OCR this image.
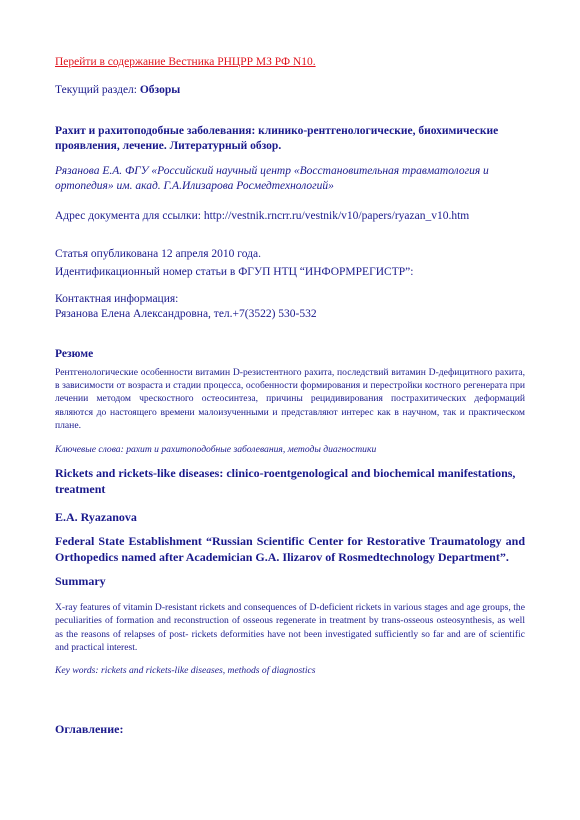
Перейти в содержание Вестника РНЦРР МЗ РФ N10.

Текущий раздел: Обзоры

Рахит и рахитоподобные заболевания: клинико-рентгенологические, биохимические проявления, лечение. Литературный обзор.

Рязанова Е.А. ФГУ «Российский научный центр «Восстановительная травматология и ортопедия» им. акад. Г.А.Илизарова Росмедтехнологий»

Адрес документа для ссылки: http://vestnik.rncrr.ru/vestnik/v10/papers/ryazan_v10.htm

Статья опубликована 12 апреля 2010 года.

Идентификационный номер статьи в ФГУП НТЦ “ИНФОРМРЕГИСТР”:

Контактная информация:

Рязанова Елена Александровна, тел.+7(3522) 530-532

Резюме

Рентгенологические особенности витамин D-резистентного рахита, последствий витамин D-дефицитного рахита, в зависимости от возраста и стадии процесса, особенности формирования и перестройки костного регенерата при лечении методом чрескостного остеосинтеза, причины рецидивирования пострахитических деформаций являются до настоящего времени малоизученными и представляют интерес как в научном, так и практическом плане.

Ключевые слова: рахит и рахитоподобные заболевания, методы диагностики

Rickets and rickets-like diseases: clinico-roentgenological and biochemical manifestations, treatment

E.A. Ryazanova

Federal State Establishment “Russian Scientific Center for Restorative Traumatology and Orthopedics named after Academician G.A. Ilizarov of Rosmedtechnology Department”.

Summary

X-ray features of vitamin D-resistant rickets and consequences of D-deficient rickets in various stages and age groups, the peculiarities of formation and reconstruction of osseous regenerate in treatment by trans-osseous osteosynthesis, as well as the reasons of relapses of post- rickets deformities have not been investigated sufficiently so far and are of scientific and practical interest.

Key words: rickets and rickets-like diseases, methods of diagnostics

Оглавление:
